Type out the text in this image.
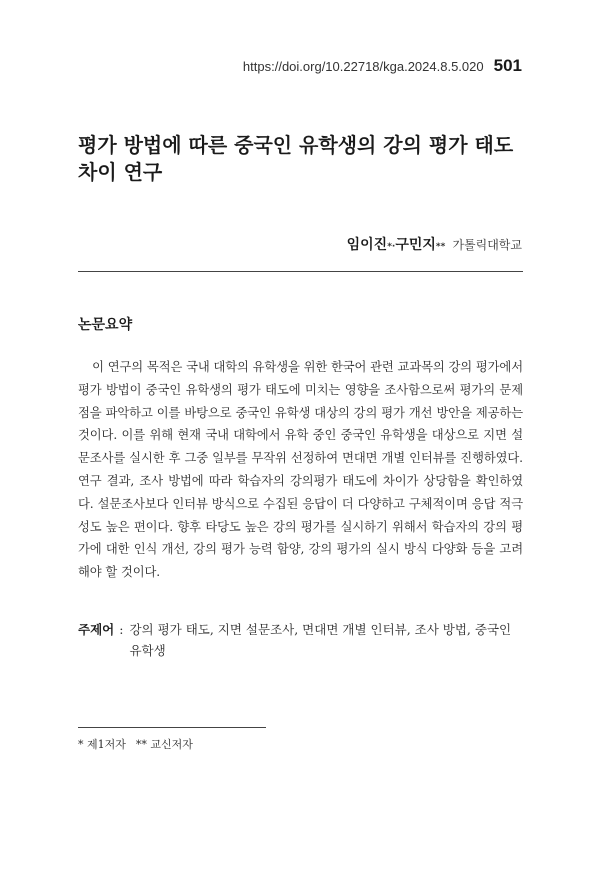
https://doi.org/10.22718/kga.2024.8.5.020 501
평가 방법에 따른 중국인 유학생의 강의 평가 태도 차이 연구
임이진*·구민지** 가톨릭대학교
논문요약

이 연구의 목적은 국내 대학의 유학생을 위한 한국어 관련 교과목의 강의 평가에서 평가 방법이 중국인 유학생의 평가 태도에 미치는 영향을 조사함으로써 평가의 문제점을 파악하고 이를 바탕으로 중국인 유학생 대상의 강의 평가 개선 방안을 제공하는 것이다. 이를 위해 현재 국내 대학에서 유학 중인 중국인 유학생을 대상으로 지면 설문조사를 실시한 후 그중 일부를 무작위 선정하여 면대면 개별 인터뷰를 진행하였다. 연구 결과, 조사 방법에 따라 학습자의 강의평가 태도에 차이가 상당함을 확인하였다. 설문조사보다 인터뷰 방식으로 수집된 응답이 더 다양하고 구체적이며 응답 적극성도 높은 편이다. 향후 타당도 높은 강의 평가를 실시하기 위해서 학습자의 강의 평가에 대한 인식 개선, 강의 평가 능력 함양, 강의 평가의 실시 방식 다양화 등을 고려해야 할 것이다.

주제어 : 강의 평가 태도, 지면 설문조사, 면대면 개별 인터뷰, 조사 방법, 중국인 유학생
* 제1저자 ** 교신저자
